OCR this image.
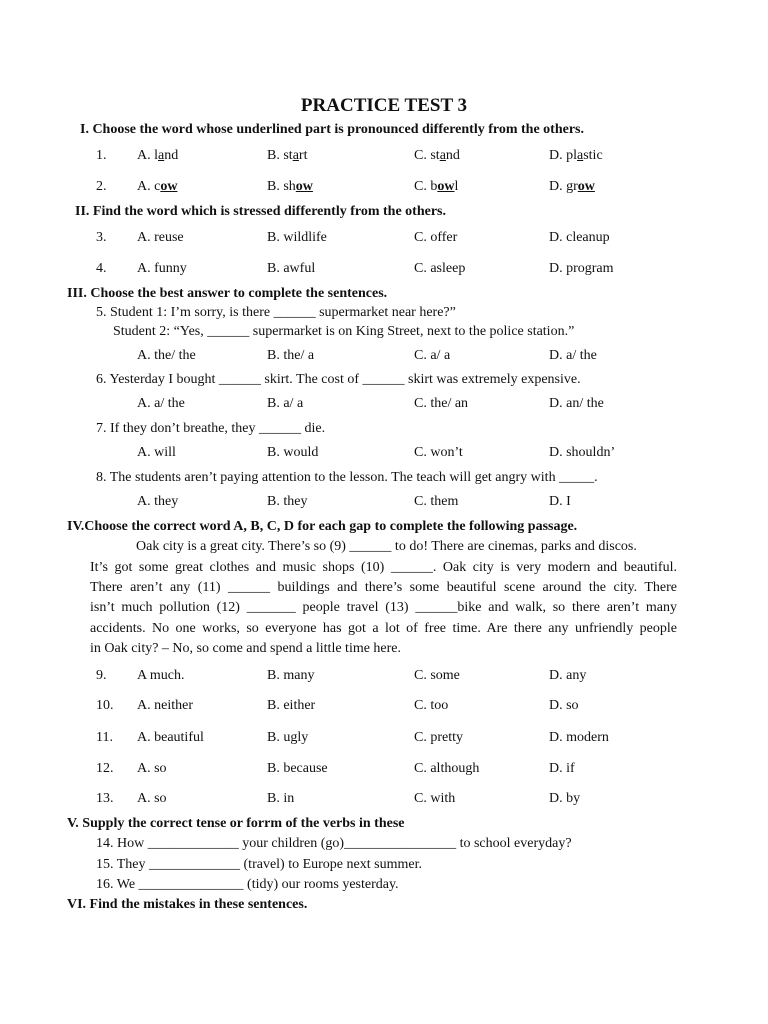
PRACTICE TEST 3
I. Choose the word whose underlined part is pronounced differently from the others.
1. A. land	B. start	C. stand	D. plastic
2. A. cow	B. show	C. bowl	D. grow
II. Find the word which is stressed differently from the others.
3. A. reuse	B. wildlife	C. offer	D. cleanup
4. A. funny	B. awful	C. asleep	D. program
III. Choose the best answer to complete the sentences.
5. Student 1: I’m sorry, is there ______ supermarket near here?”
Student 2: “Yes, ______ supermarket is on King Street, next to the police station.”
A. the/ the	B. the/ a	C. a/ a	D. a/ the
6. Yesterday I bought ______ skirt. The cost of ______ skirt was extremely expensive.
A. a/ the	B. a/ a	C. the/ an	D. an/ the
7. If they don’t breathe, they ______ die.
A. will	B. would	C. won’t	D. shouldn’
8. The students aren’t paying attention to the lesson. The teach will get angry with _____.
A. they	B. they	C. them	D. I
IV.Choose the correct word A, B, C, D for each gap to complete the following passage.
Oak city is a great city. There’s so (9) ______ to do! There are cinemas, parks and discos.
It’s got some great clothes and music shops (10) ______. Oak city is very modern and beautiful.
There aren’t any (11) ______ buildings and there’s some beautiful scene around the city. There
isn’t much pollution (12) _______ people travel (13) ______bike and walk, so there aren’t many
accidents. No one works, so everyone has got a lot of free time. Are there any unfriendly people
in Oak city? – No, so come and spend a little time here.
9. A much.	B. many	C. some	D. any
10. A. neither	B. either	C. too	D. so
11. A. beautiful	B. ugly	C. pretty	D. modern
12. A. so	B. because	C. although	D. if
13. A. so	B. in	C. with	D. by
V. Supply the correct tense or forrm of the verbs in these
14. How _____________ your children (go)________________ to school everyday?
15. They _____________ (travel) to Europe next summer.
16. We _______________ (tidy) our rooms yesterday.
VI. Find the mistakes in these sentences.
